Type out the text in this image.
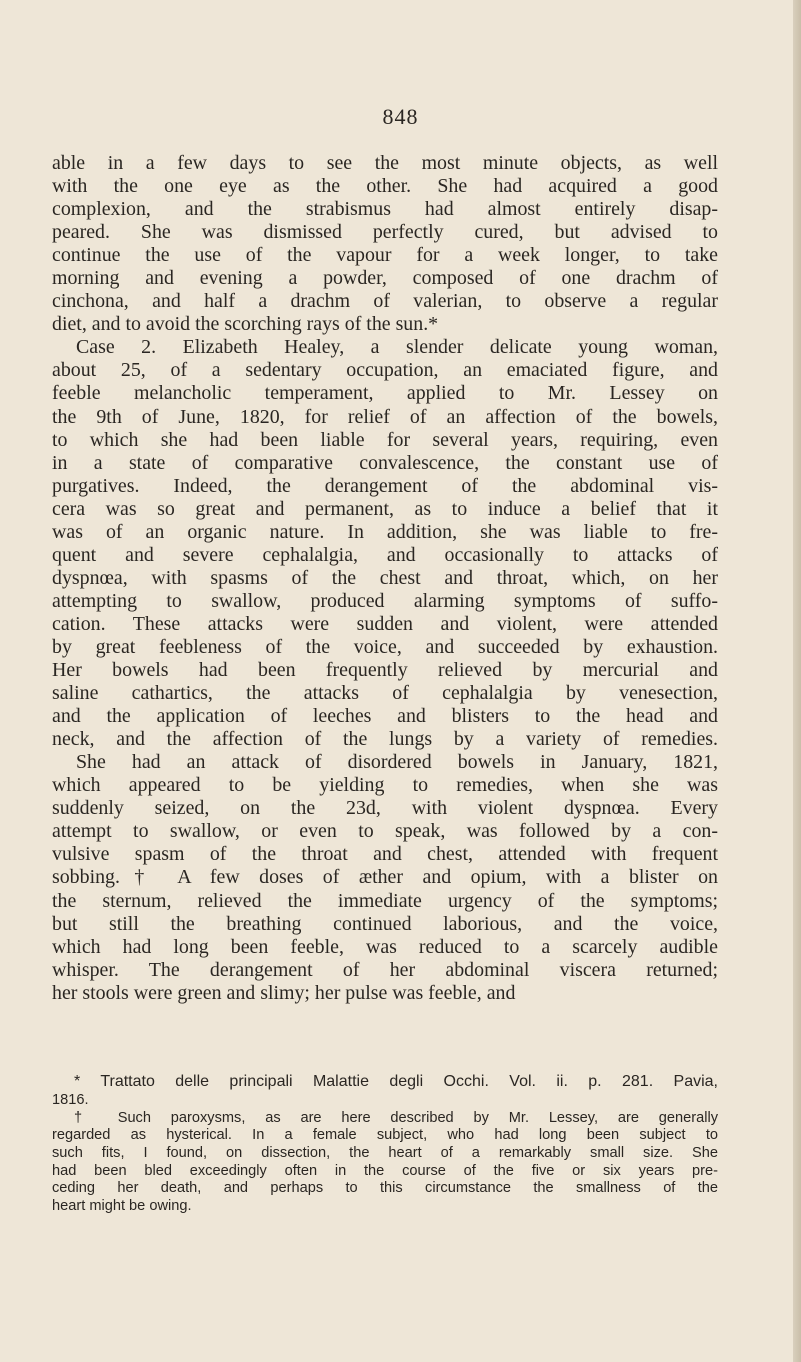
848
able in a few days to see the most minute objects, as well
with the one eye as the other. She had acquired a good
complexion, and the strabismus had almost entirely disap-
peared. She was dismissed perfectly cured, but advised to
continue the use of the vapour for a week longer, to take
morning and evening a powder, composed of one drachm of
cinchona, and half a drachm of valerian, to observe a regular
diet, and to avoid the scorching rays of the sun.*
Case 2. Elizabeth Healey, a slender delicate young woman,
about 25, of a sedentary occupation, an emaciated figure, and
feeble melancholic temperament, applied to Mr. Lessey on
the 9th of June, 1820, for relief of an affection of the bowels,
to which she had been liable for several years, requiring, even
in a state of comparative convalescence, the constant use of
purgatives. Indeed, the derangement of the abdominal vis-
cera was so great and permanent, as to induce a belief that it
was of an organic nature. In addition, she was liable to fre-
quent and severe cephalalgia, and occasionally to attacks of
dyspnœa, with spasms of the chest and throat, which, on her
attempting to swallow, produced alarming symptoms of suffo-
cation. These attacks were sudden and violent, were attended
by great feebleness of the voice, and succeeded by exhaustion.
Her bowels had been frequently relieved by mercurial and
saline cathartics, the attacks of cephalalgia by venesection,
and the application of leeches and blisters to the head and
neck, and the affection of the lungs by a variety of remedies.
She had an attack of disordered bowels in January, 1821,
which appeared to be yielding to remedies, when she was
suddenly seized, on the 23d, with violent dyspnœa. Every
attempt to swallow, or even to speak, was followed by a con-
vulsive spasm of the throat and chest, attended with frequent
sobbing.† A few doses of æther and opium, with a blister on
the sternum, relieved the immediate urgency of the symptoms;
but still the breathing continued laborious, and the voice,
which had long been feeble, was reduced to a scarcely audible
whisper. The derangement of her abdominal viscera returned;
her stools were green and slimy; her pulse was feeble, and
* Trattato delle principali Malattie degli Occhi. Vol. ii. p. 281. Pavia,
1816.
† Such paroxysms, as are here described by Mr. Lessey, are generally
regarded as hysterical. In a female subject, who had long been subject to
such fits, I found, on dissection, the heart of a remarkably small size. She
had been bled exceedingly often in the course of the five or six years pre-
ceding her death, and perhaps to this circumstance the smallness of the
heart might be owing.
